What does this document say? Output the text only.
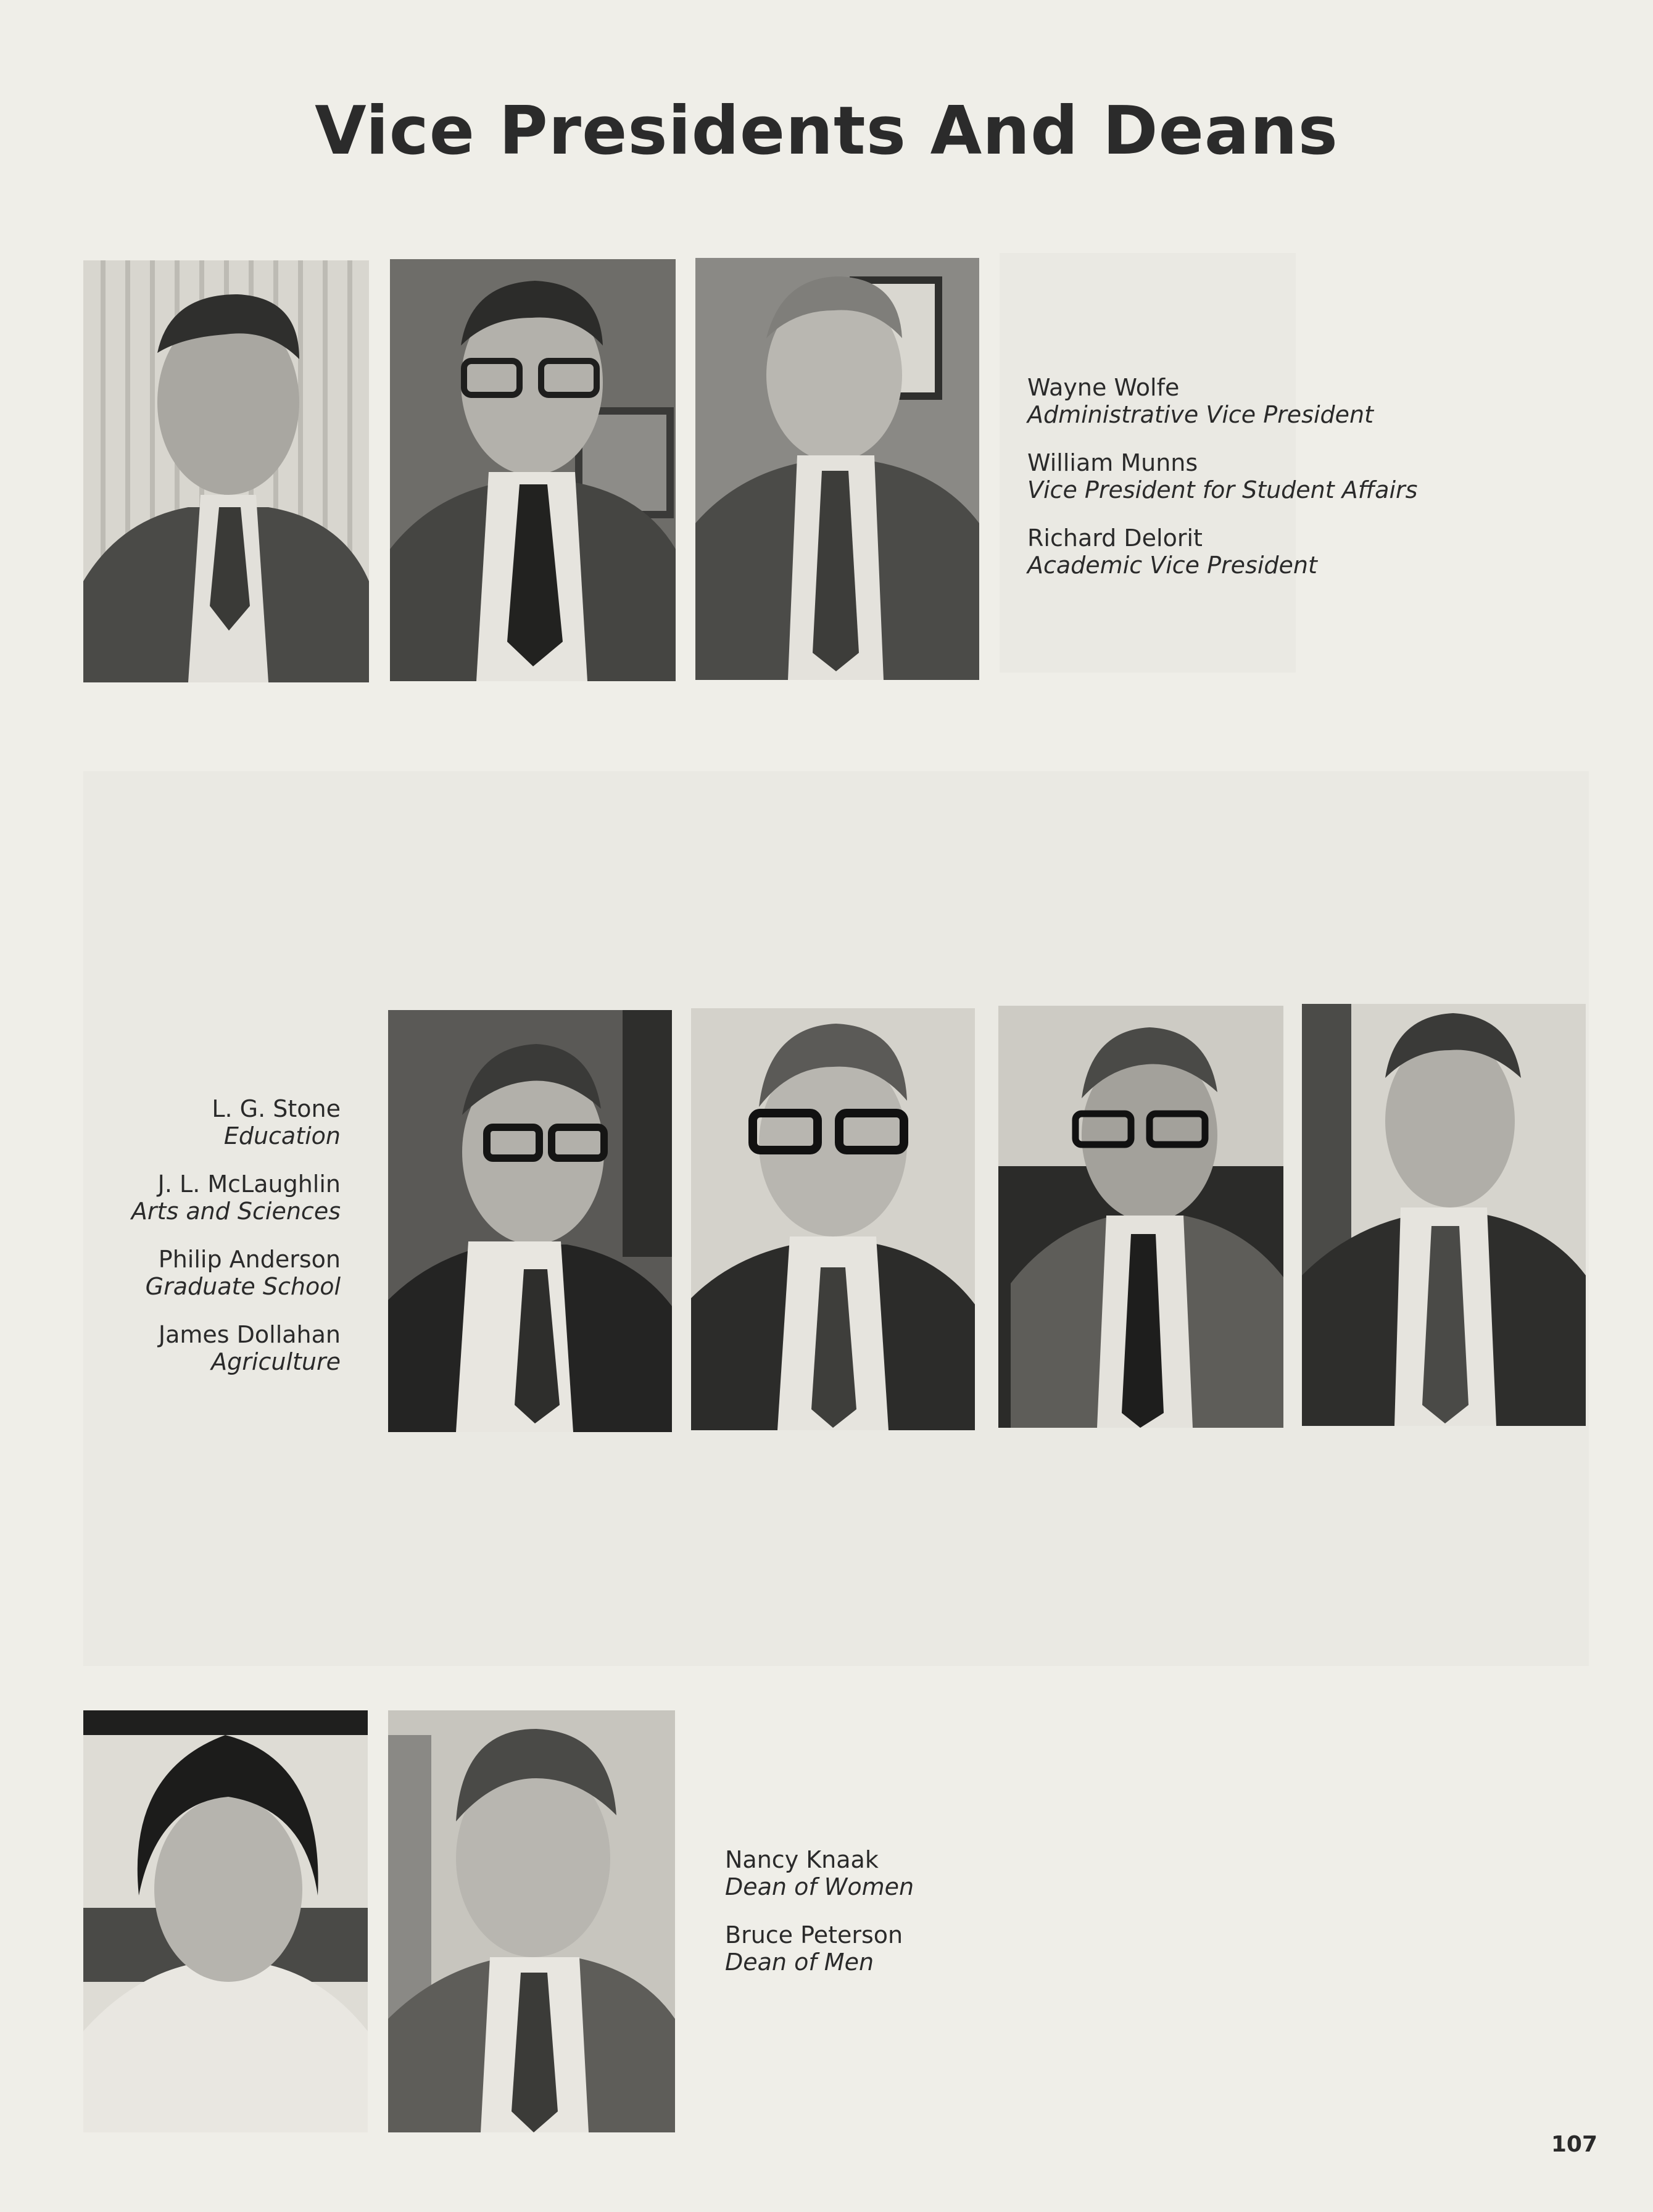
Vice Presidents And Deans
Wayne Wolfe
Administrative Vice President
William Munns
Vice President for Student Affairs
Richard Delorit
Academic Vice President
L. G. Stone
Education
J. L. McLaughlin
Arts and Sciences
Philip Anderson
Graduate School
James Dollahan
Agriculture
Nancy Knaak
Dean of Women
Bruce Peterson
Dean of Men
107
